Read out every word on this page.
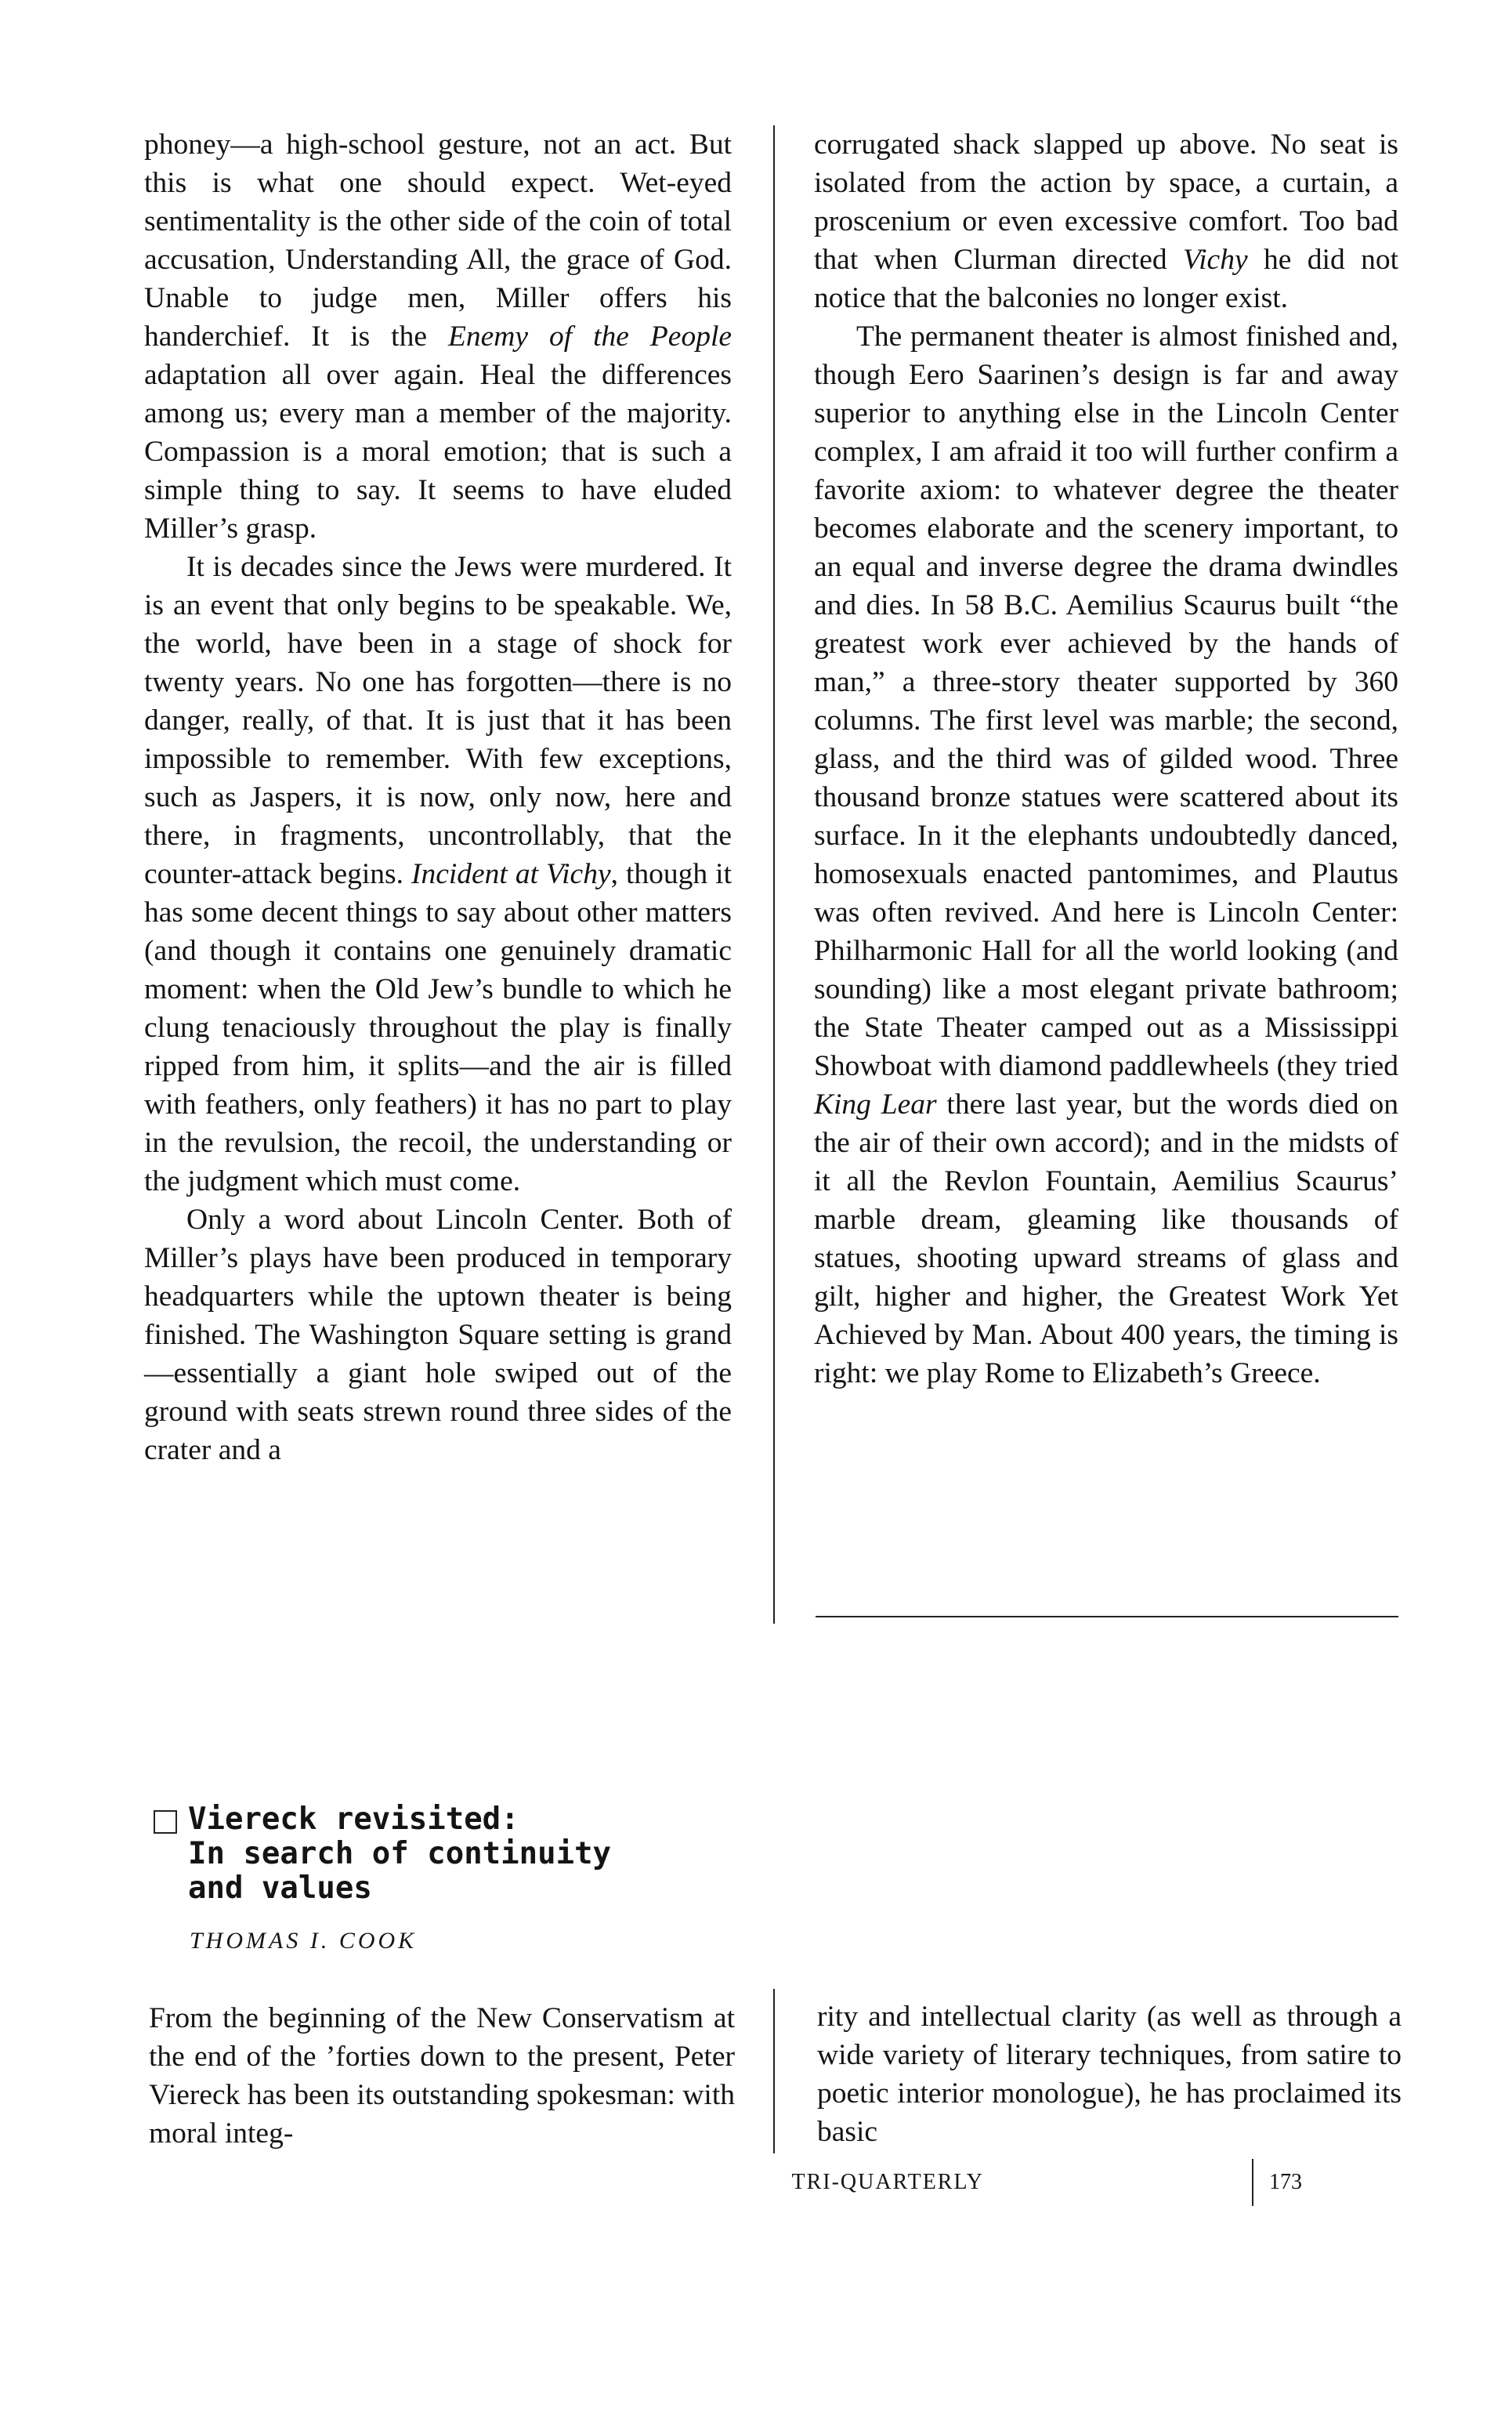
phoney—a high-school gesture, not an act. But this is what one should expect. Wet-eyed sentimentality is the other side of the coin of total accusation, Understanding All, the grace of God. Unable to judge men, Miller offers his handerchief. It is the Enemy of the People adaptation all over again. Heal the differences among us; every man a member of the majority. Compassion is a moral emotion; that is such a simple thing to say. It seems to have eluded Miller’s grasp.

It is decades since the Jews were murdered. It is an event that only begins to be speakable. We, the world, have been in a stage of shock for twenty years. No one has forgotten—there is no danger, really, of that. It is just that it has been impossible to remember. With few exceptions, such as Jaspers, it is now, only now, here and there, in fragments, uncontrollably, that the counter-attack begins. Incident at Vichy, though it has some decent things to say about other matters (and though it contains one genuinely dramatic moment: when the Old Jew’s bundle to which he clung tenaciously throughout the play is finally ripped from him, it splits—and the air is filled with feathers, only feathers) it has no part to play in the revulsion, the recoil, the understanding or the judgment which must come.

Only a word about Lincoln Center. Both of Miller’s plays have been produced in temporary headquarters while the uptown theater is being finished. The Washington Square setting is grand—essentially a giant hole swiped out of the ground with seats strewn round three sides of the crater and a

corrugated shack slapped up above. No seat is isolated from the action by space, a curtain, a proscenium or even excessive comfort. Too bad that when Clurman directed Vichy he did not notice that the balconies no longer exist.

The permanent theater is almost finished and, though Eero Saarinen’s design is far and away superior to anything else in the Lincoln Center complex, I am afraid it too will further confirm a favorite axiom: to whatever degree the theater becomes elaborate and the scenery important, to an equal and inverse degree the drama dwindles and dies. In 58 B.C. Aemilius Scaurus built “the greatest work ever achieved by the hands of man,” a three-story theater supported by 360 columns. The first level was marble; the second, glass, and the third was of gilded wood. Three thousand bronze statues were scattered about its surface. In it the elephants undoubtedly danced, homosexuals enacted pantomimes, and Plautus was often revived. And here is Lincoln Center: Philharmonic Hall for all the world looking (and sounding) like a most elegant private bathroom; the State Theater camped out as a Mississippi Showboat with diamond paddlewheels (they tried King Lear there last year, but the words died on the air of their own accord); and in the midsts of it all the Revlon Fountain, Aemilius Scaurus’ marble dream, gleaming like thousands of statues, shooting upward streams of glass and gilt, higher and higher, the Greatest Work Yet Achieved by Man. About 400 years, the timing is right: we play Rome to Elizabeth’s Greece.

Viereck revisited:
In search of continuity
and values
THOMAS I. COOK

From the beginning of the New Conservatism at the end of the ’forties down to the present, Peter Viereck has been its outstanding spokesman: with moral integ-

rity and intellectual clarity (as well as through a wide variety of literary techniques, from satire to poetic interior monologue), he has proclaimed its basic

TRI-QUARTERLY	173
